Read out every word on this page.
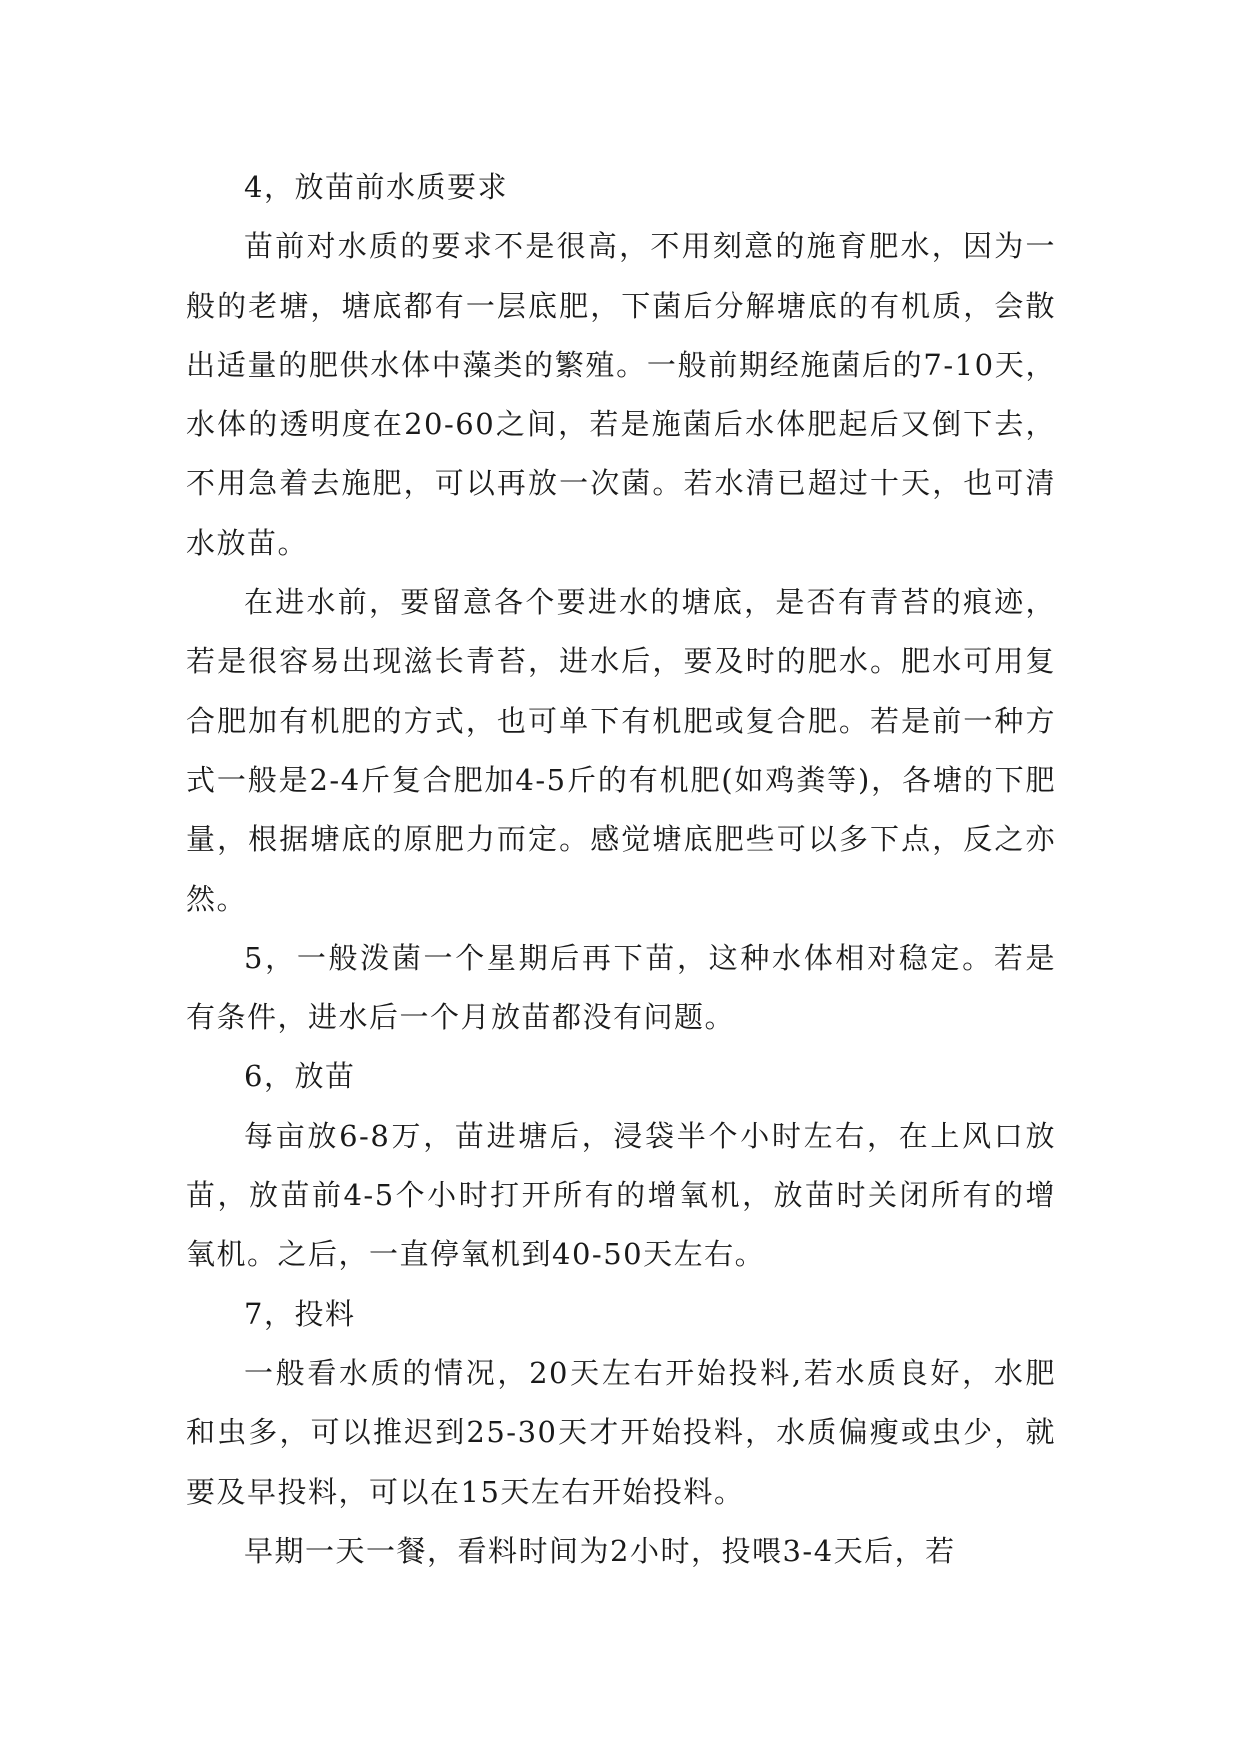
4，放苗前水质要求

苗前对水质的要求不是很高，不用刻意的施育肥水，因为一般的老塘，塘底都有一层底肥，下菌后分解塘底的有机质，会散出适量的肥供水体中藻类的繁殖。一般前期经施菌后的7-10天，水体的透明度在20-60之间，若是施菌后水体肥起后又倒下去，不用急着去施肥，可以再放一次菌。若水清已超过十天，也可清水放苗。

在进水前，要留意各个要进水的塘底，是否有青苔的痕迹，若是很容易出现滋长青苔，进水后，要及时的肥水。肥水可用复合肥加有机肥的方式，也可单下有机肥或复合肥。若是前一种方式一般是2-4斤复合肥加4-5斤的有机肥(如鸡粪等)，各塘的下肥量，根据塘底的原肥力而定。感觉塘底肥些可以多下点，反之亦然。

5，一般泼菌一个星期后再下苗，这种水体相对稳定。若是有条件，进水后一个月放苗都没有问题。

6，放苗

每亩放6-8万，苗进塘后，浸袋半个小时左右，在上风口放苗，放苗前4-5个小时打开所有的增氧机，放苗时关闭所有的增氧机。之后，一直停氧机到40-50天左右。

7，投料

一般看水质的情况，20天左右开始投料,若水质良好，水肥和虫多，可以推迟到25-30天才开始投料，水质偏瘦或虫少，就要及早投料，可以在15天左右开始投料。

早期一天一餐，看料时间为2小时，投喂3-4天后，若
